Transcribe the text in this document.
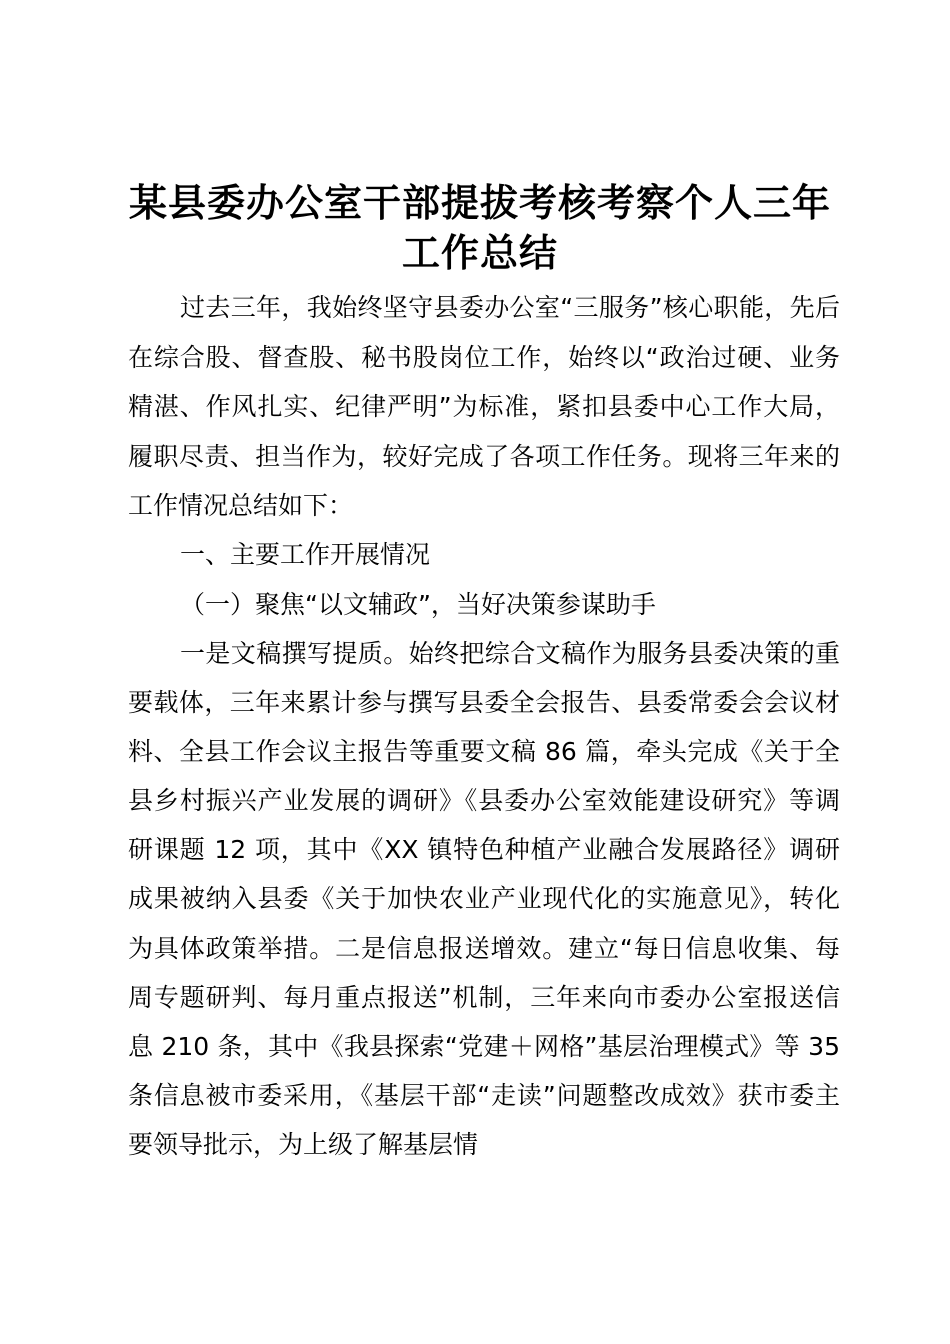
某县委办公室干部提拔考核考察个人三年工作总结

过去三年，我始终坚守县委办公室“三服务”核心职能，先后在综合股、督查股、秘书股岗位工作，始终以“政治过硬、业务精湛、作风扎实、纪律严明”为标准，紧扣县委中心工作大局，履职尽责、担当作为，较好完成了各项工作任务。现将三年来的工作情况总结如下：

一、主要工作开展情况

（一）聚焦“以文辅政”，当好决策参谋助手

一是文稿撰写提质。始终把综合文稿作为服务县委决策的重要载体，三年来累计参与撰写县委全会报告、县委常委会会议材料、全县工作会议主报告等重要文稿 86 篇，牵头完成《关于全县乡村振兴产业发展的调研》《县委办公室效能建设研究》等调研课题 12 项，其中《XX 镇特色种植产业融合发展路径》调研成果被纳入县委《关于加快农业产业现代化的实施意见》，转化为具体政策举措。二是信息报送增效。建立“每日信息收集、每周专题研判、每月重点报送”机制，三年来向市委办公室报送信息 210 条，其中《我县探索“党建＋网格”基层治理模式》等 35 条信息被市委采用，《基层干部“走读”问题整改成效》获市委主要领导批示，为上级了解基层情
